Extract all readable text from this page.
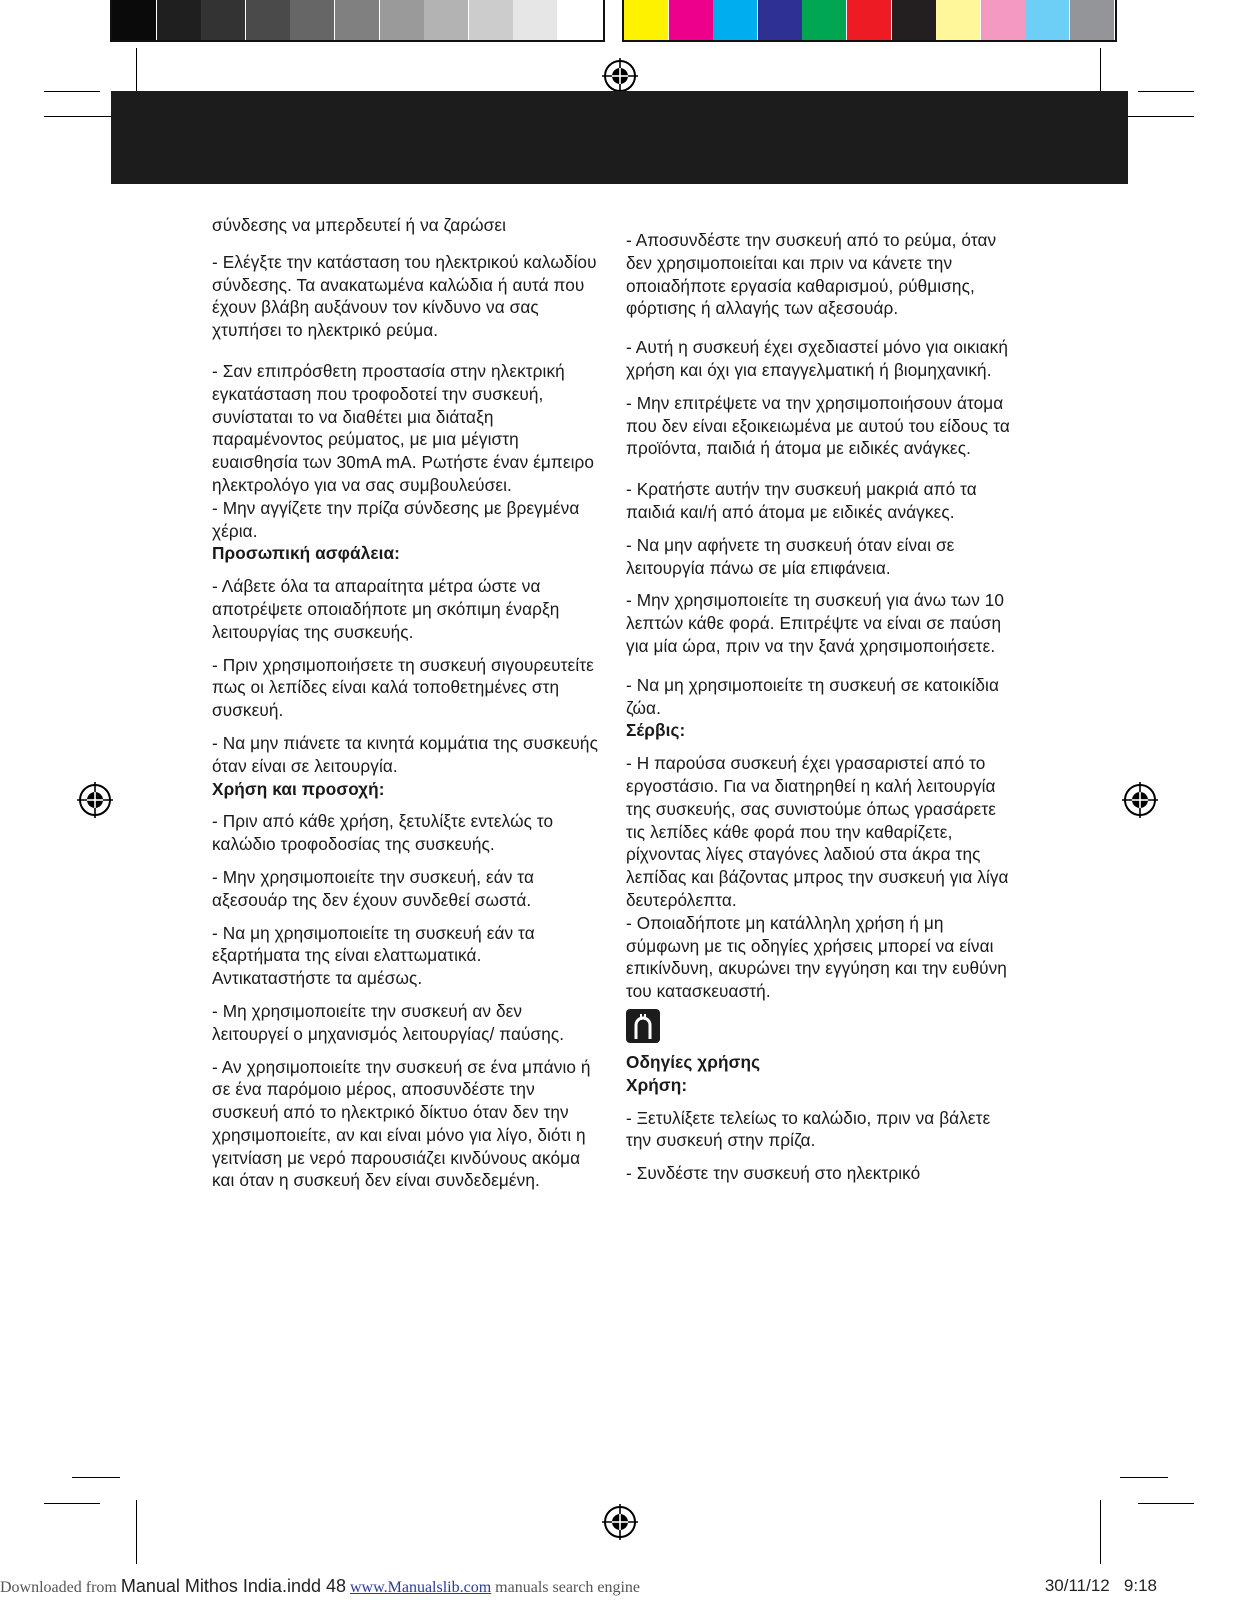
σύνδεσης να μπερδευτεί ή να ζαρώσει

- Ελέγξτε την κατάσταση του ηλεκτρικού καλωδίου σύνδεσης. Τα ανακατωμένα καλώδια ή αυτά που έχουν βλάβη αυξάνουν τον κίνδυνο να σας χτυπήσει το ηλεκτρικό ρεύμα.

- Σαν επιπρόσθετη προστασία στην ηλεκτρική εγκατάσταση που τροφοδοτεί την συσκευή, συνίσταται το να διαθέτει μια διάταξη παραμένοντος ρεύματος, με μια μέγιστη ευαισθησία των 30mA mA. Ρωτήστε έναν έμπειρο ηλεκτρολόγο για να σας συμβουλεύσει.

- Μην αγγίζετε την πρίζα σύνδεσης με βρεγμένα χέρια.

Προσωπική ασφάλεια:

- Λάβετε όλα τα απαραίτητα μέτρα ώστε να αποτρέψετε οποιαδήποτε μη σκόπιμη έναρξη λειτουργίας της συσκευής.

- Πριν χρησιμοποιήσετε τη συσκευή σιγουρευτείτε πως οι λεπίδες είναι καλά τοποθετημένες στη συσκευή.

- Να μην πιάνετε τα κινητά κομμάτια της συσκευής όταν είναι σε λειτουργία.

Χρήση και προσοχή:

- Πριν από κάθε χρήση, ξετυλίξτε εντελώς το καλώδιο τροφοδοσίας της συσκευής.

- Μην χρησιμοποιείτε την συσκευή, εάν τα αξεσουάρ της δεν έχουν συνδεθεί σωστά.

- Να μη χρησιμοποιείτε τη συσκευή εάν τα εξαρτήματα της είναι ελαττωματικά. Αντικαταστήστε τα αμέσως.

- Μη χρησιμοποιείτε την συσκευή αν δεν λειτουργεί ο μηχανισμός λειτουργίας/ παύσης.

- Αν χρησιμοποιείτε την συσκευή σε ένα μπάνιο ή σε ένα παρόμοιο μέρος, αποσυνδέστε την συσκευή από το ηλεκτρικό δίκτυο όταν δεν την χρησιμοποιείτε, αν και είναι μόνο για λίγο, διότι η γειτνίαση με νερό παρουσιάζει κινδύνους ακόμα και όταν η συσκευή δεν είναι συνδεδεμένη.

- Αποσυνδέστε την συσκευή από το ρεύμα, όταν δεν χρησιμοποιείται και πριν να κάνετε την οποιαδήποτε εργασία καθαρισμού, ρύθμισης, φόρτισης ή αλλαγής των αξεσουάρ.

- Αυτή η συσκευή έχει σχεδιαστεί μόνο για οικιακή χρήση και όχι για επαγγελματική ή βιομηχανική.

- Μην επιτρέψετε να την χρησιμοποιήσουν άτομα που δεν είναι εξοικειωμένα με αυτού του είδους τα προϊόντα, παιδιά ή άτομα με ειδικές ανάγκες.

- Κρατήστε αυτήν την συσκευή μακριά από τα παιδιά και/ή από άτομα με ειδικές ανάγκες.

- Να μην αφήνετε τη συσκευή όταν είναι σε λειτουργία πάνω σε μία επιφάνεια.

- Μην χρησιμοποιείτε τη συσκευή για άνω των 10 λεπτών κάθε φορά. Επιτρέψτε να είναι σε παύση για μία ώρα, πριν να την ξανά χρησιμοποιήσετε.

- Να μη χρησιμοποιείτε τη συσκευή σε κατοικίδια ζώα.

Σέρβις:

- Η παρούσα συσκευή έχει γρασαριστεί από το εργοστάσιο. Για να διατηρηθεί η καλή λειτουργία της συσκευής, σας συνιστούμε όπως γρασάρετε τις λεπίδες κάθε φορά που την καθαρίζετε, ρίχνοντας λίγες σταγόνες λαδιού στα άκρα της λεπίδας και βάζοντας μπρος την συσκευή για λίγα δευτερόλεπτα.

- Οποιαδήποτε μη κατάλληλη χρήση ή μη σύμφωνη με τις οδηγίες χρήσεις μπορεί να είναι επικίνδυνη, ακυρώνει την εγγύηση και την ευθύνη του κατασκευαστή.

Οδηγίες χρήσης

Χρήση:

- Ξετυλίξετε τελείως το καλώδιο, πριν να βάλετε την συσκευή στην πρίζα.

- Συνδέστε την συσκευή στο ηλεκτρικό

Downloaded from Manual Mithos India.indd 48 www.Manualslib.com manuals search engine	30/11/12 9:18
